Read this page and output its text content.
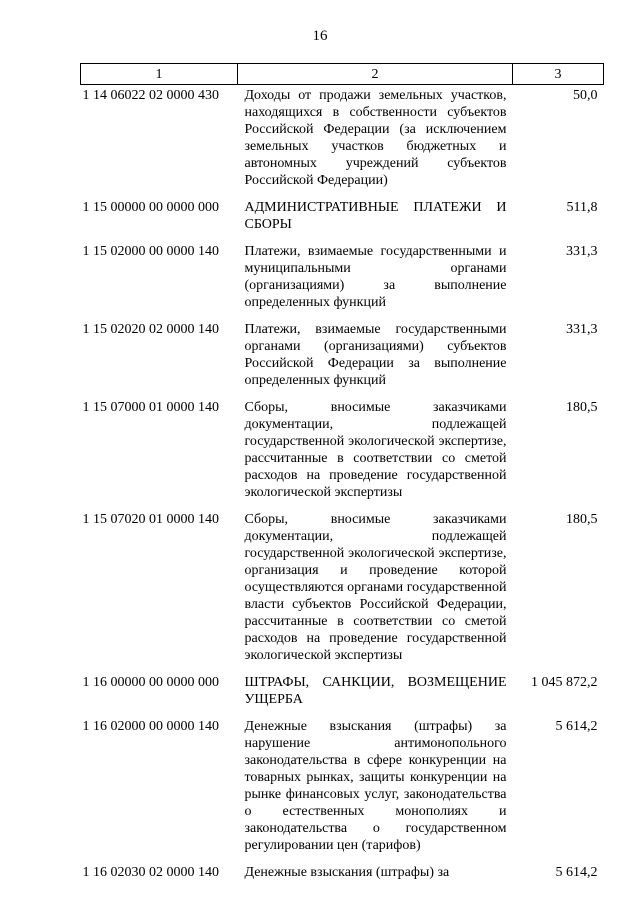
16
1	2	3
1 14 06022 02 0000 430	Доходы от продажи земельных участков, находящихся в собственности субъектов Российской Федерации (за исключением земельных участков бюджетных и автономных учреждений субъектов Российской Федерации)	50,0
1 15 00000 00 0000 000	АДМИНИСТРАТИВНЫЕ ПЛАТЕЖИ И СБОРЫ	511,8
1 15 02000 00 0000 140	Платежи, взимаемые государственными и муниципальными органами (организациями) за выполнение определенных функций	331,3
1 15 02020 02 0000 140	Платежи, взимаемые государственными органами (организациями) субъектов Российской Федерации за выполнение определенных функций	331,3
1 15 07000 01 0000 140	Сборы, вносимые заказчиками документации, подлежащей государственной экологической экспертизе, рассчитанные в соответствии со сметой расходов на проведение государственной экологической экспертизы	180,5
1 15 07020 01 0000 140	Сборы, вносимые заказчиками документации, подлежащей государственной экологической экспертизе, организация и проведение которой осуществляются органами государственной власти субъектов Российской Федерации, рассчитанные в соответствии со сметой расходов на проведение государственной экологической экспертизы	180,5
1 16 00000 00 0000 000	ШТРАФЫ, САНКЦИИ, ВОЗМЕЩЕНИЕ УЩЕРБА	1 045 872,2
1 16 02000 00 0000 140	Денежные взыскания (штрафы) за нарушение антимонопольного законодательства в сфере конкуренции на товарных рынках, защиты конкуренции на рынке финансовых услуг, законодательства о естественных монополиях и законодательства о государственном регулировании цен (тарифов)	5 614,2
1 16 02030 02 0000 140	Денежные взыскания (штрафы) за	5 614,2
